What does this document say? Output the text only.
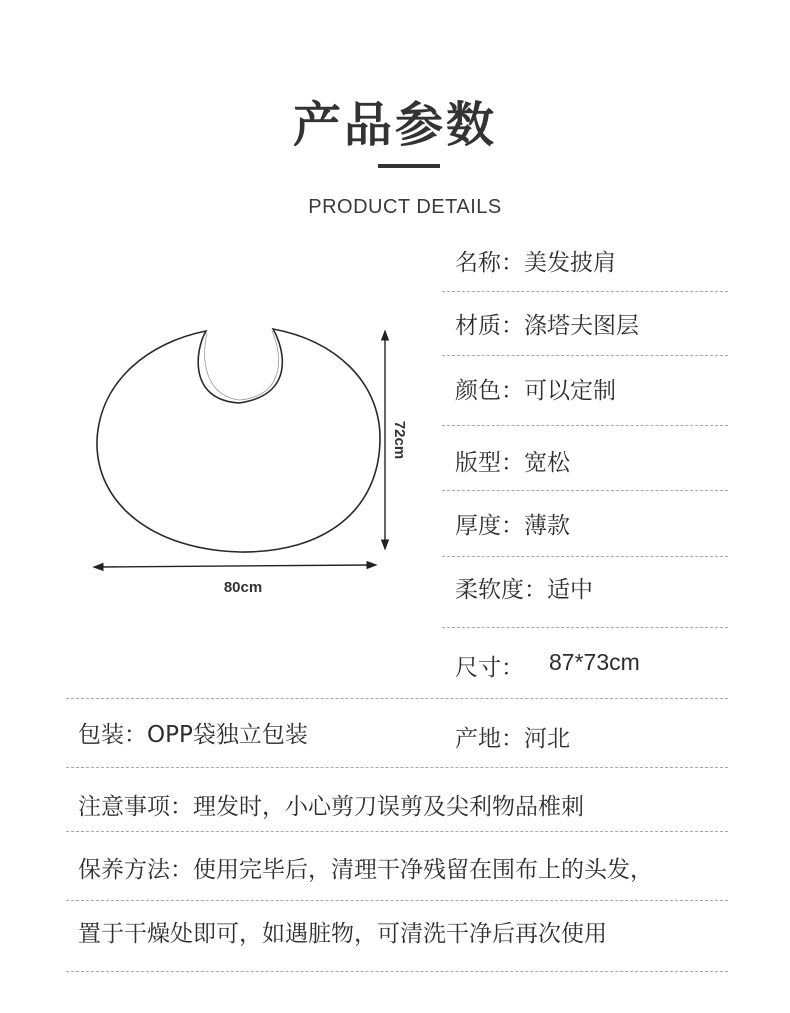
产品参数
PRODUCT DETAILS
80cm
72cm
名称：美发披肩
材质：涤塔夫图层
颜色：可以定制
版型：宽松
厚度：薄款
柔软度：适中
尺寸： 87*73cm
包装：OPP袋独立包装	产地：河北
注意事项：理发时，小心剪刀误剪及尖利物品椎刺
保养方法：使用完毕后，清理干净残留在围布上的头发，
置于干燥处即可，如遇脏物，可清洗干净后再次使用
